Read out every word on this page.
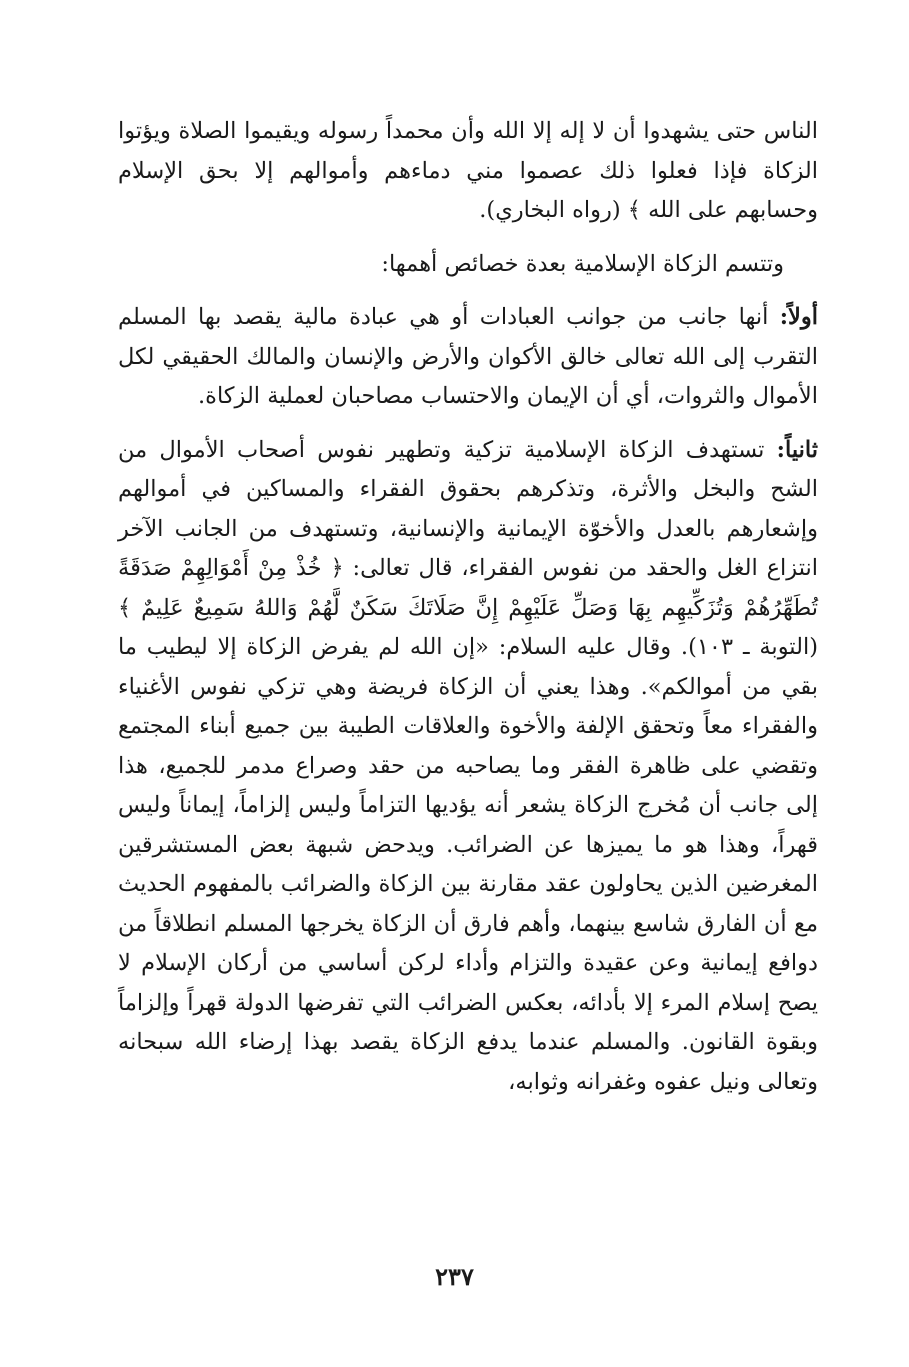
الناس حتى يشهدوا أن لا إله إلا الله وأن محمداً رسوله ويقيموا الصلاة ويؤتوا الزكاة فإذا فعلوا ذلك عصموا مني دماءهم وأموالهم إلا بحق الإسلام وحسابهم على الله ﴾ (رواه البخاري).

وتتسم الزكاة الإسلامية بعدة خصائص أهمها:

أولاً: أنها جانب من جوانب العبادات أو هي عبادة مالية يقصد بها المسلم التقرب إلى الله تعالى خالق الأكوان والأرض والإنسان والمالك الحقيقي لكل الأموال والثروات، أي أن الإيمان والاحتساب مصاحبان لعملية الزكاة.

ثانياً: تستهدف الزكاة الإسلامية تزكية وتطهير نفوس أصحاب الأموال من الشح والبخل والأثرة، وتذكرهم بحقوق الفقراء والمساكين في أموالهم وإشعارهم بالعدل والأخوّة الإيمانية والإنسانية، وتستهدف من الجانب الآخر انتزاع الغل والحقد من نفوس الفقراء، قال تعالى: ﴿ خُذْ مِنْ أَمْوَالِهِمْ صَدَقَةً تُطَهِّرُهُمْ وَتُزَكِّيهِم بِهَا وَصَلِّ عَلَيْهِمْ إِنَّ صَلَاتَكَ سَكَنٌ لَّهُمْ وَاللهُ سَمِيعٌ عَلِيمٌ ﴾ (التوبة ـ ١٠٣). وقال عليه السلام: «إن الله لم يفرض الزكاة إلا ليطيب ما بقي من أموالكم». وهذا يعني أن الزكاة فريضة وهي تزكي نفوس الأغنياء والفقراء معاً وتحقق الإلفة والأخوة والعلاقات الطيبة بين جميع أبناء المجتمع وتقضي على ظاهرة الفقر وما يصاحبه من حقد وصراع مدمر للجميع، هذا إلى جانب أن مُخرج الزكاة يشعر أنه يؤديها التزاماً وليس إلزاماً، إيماناً وليس قهراً، وهذا هو ما يميزها عن الضرائب. ويدحض شبهة بعض المستشرقين المغرضين الذين يحاولون عقد مقارنة بين الزكاة والضرائب بالمفهوم الحديث مع أن الفارق شاسع بينهما، وأهم فارق أن الزكاة يخرجها المسلم انطلاقاً من دوافع إيمانية وعن عقيدة والتزام وأداء لركن أساسي من أركان الإسلام لا يصح إسلام المرء إلا بأدائه، بعكس الضرائب التي تفرضها الدولة قهراً وإلزاماً وبقوة القانون. والمسلم عندما يدفع الزكاة يقصد بهذا إرضاء الله سبحانه وتعالى ونيل عفوه وغفرانه وثوابه،

٢٣٧
